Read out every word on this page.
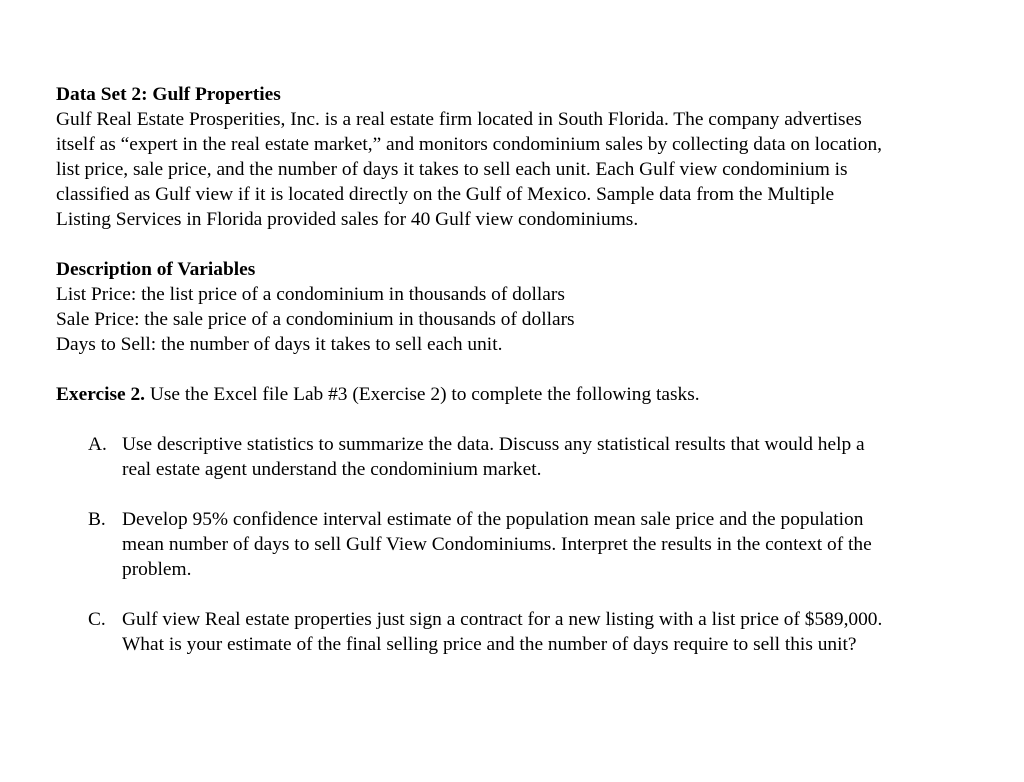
Data Set 2: Gulf Properties
Gulf Real Estate Prosperities, Inc. is a real estate firm located in South Florida. The company advertises
itself as “expert in the real estate market,” and monitors condominium sales by collecting data on location,
list price, sale price, and the number of days it takes to sell each unit. Each Gulf view condominium is
classified as Gulf view if it is located directly on the Gulf of Mexico. Sample data from the Multiple
Listing Services in Florida provided sales for 40 Gulf view condominiums.
Description of Variables
List Price: the list price of a condominium in thousands of dollars
Sale Price: the sale price of a condominium in thousands of dollars
Days to Sell: the number of days it takes to sell each unit.
Exercise 2. Use the Excel file Lab #3 (Exercise 2) to complete the following tasks.
A. Use descriptive statistics to summarize the data. Discuss any statistical results that would help a
real estate agent understand the condominium market.
B. Develop 95% confidence interval estimate of the population mean sale price and the population
mean number of days to sell Gulf View Condominiums. Interpret the results in the context of the
problem.
C. Gulf view Real estate properties just sign a contract for a new listing with a list price of $589,000.
What is your estimate of the final selling price and the number of days require to sell this unit?
